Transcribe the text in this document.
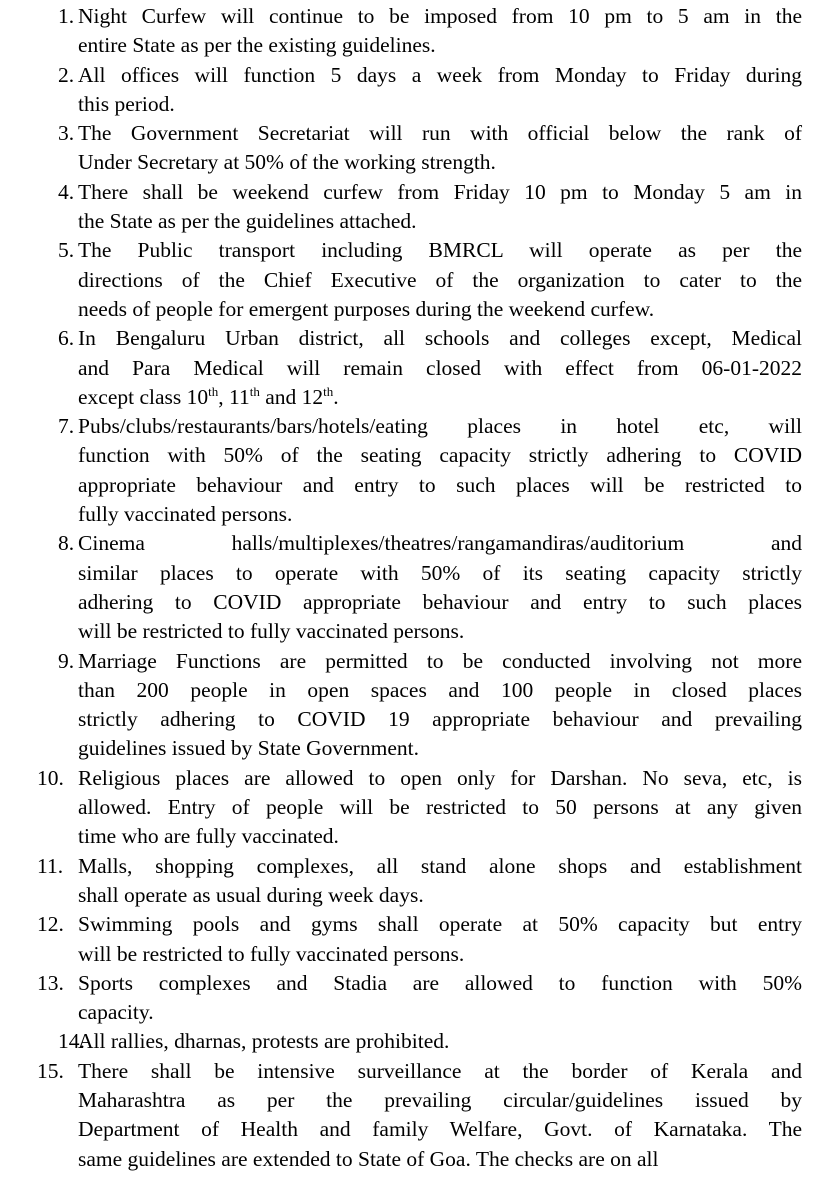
1. Night Curfew will continue to be imposed from 10 pm to 5 am in the
entire State as per the existing guidelines.
2. All offices will function 5 days a week from Monday to Friday during
this period.
3. The Government Secretariat will run with official below the rank of
Under Secretary at 50% of the working strength.
4. There shall be weekend curfew from Friday 10 pm to Monday 5 am in
the State as per the guidelines attached.
5. The Public transport including BMRCL will operate as per the
directions of the Chief Executive of the organization to cater to the
needs of people for emergent purposes during the weekend curfew.
6. In Bengaluru Urban district, all schools and colleges except, Medical
and Para Medical will remain closed with effect from 06-01-2022
except class 10th, 11th and 12th.
7. Pubs/clubs/restaurants/bars/hotels/eating places in hotel etc, will
function with 50% of the seating capacity strictly adhering to COVID
appropriate behaviour and entry to such places will be restricted to
fully vaccinated persons.
8. Cinema halls/multiplexes/theatres/rangamandiras/auditorium and
similar places to operate with 50% of its seating capacity strictly
adhering to COVID appropriate behaviour and entry to such places
will be restricted to fully vaccinated persons.
9. Marriage Functions are permitted to be conducted involving not more
than 200 people in open spaces and 100 people in closed places
strictly adhering to COVID 19 appropriate behaviour and prevailing
guidelines issued by State Government.
10. Religious places are allowed to open only for Darshan. No seva, etc, is
allowed. Entry of people will be restricted to 50 persons at any given
time who are fully vaccinated.
11. Malls, shopping complexes, all stand alone shops and establishment
shall operate as usual during week days.
12. Swimming pools and gyms shall operate at 50% capacity but entry
will be restricted to fully vaccinated persons.
13. Sports complexes and Stadia are allowed to function with 50%
capacity.
14.
All rallies, dharnas, protests are prohibited.
15. There shall be intensive surveillance at the border of Kerala and
Maharashtra as per the prevailing circular/guidelines issued by
Department of Health and family Welfare, Govt. of Karnataka. The
same guidelines are extended to State of Goa. The checks are on all
